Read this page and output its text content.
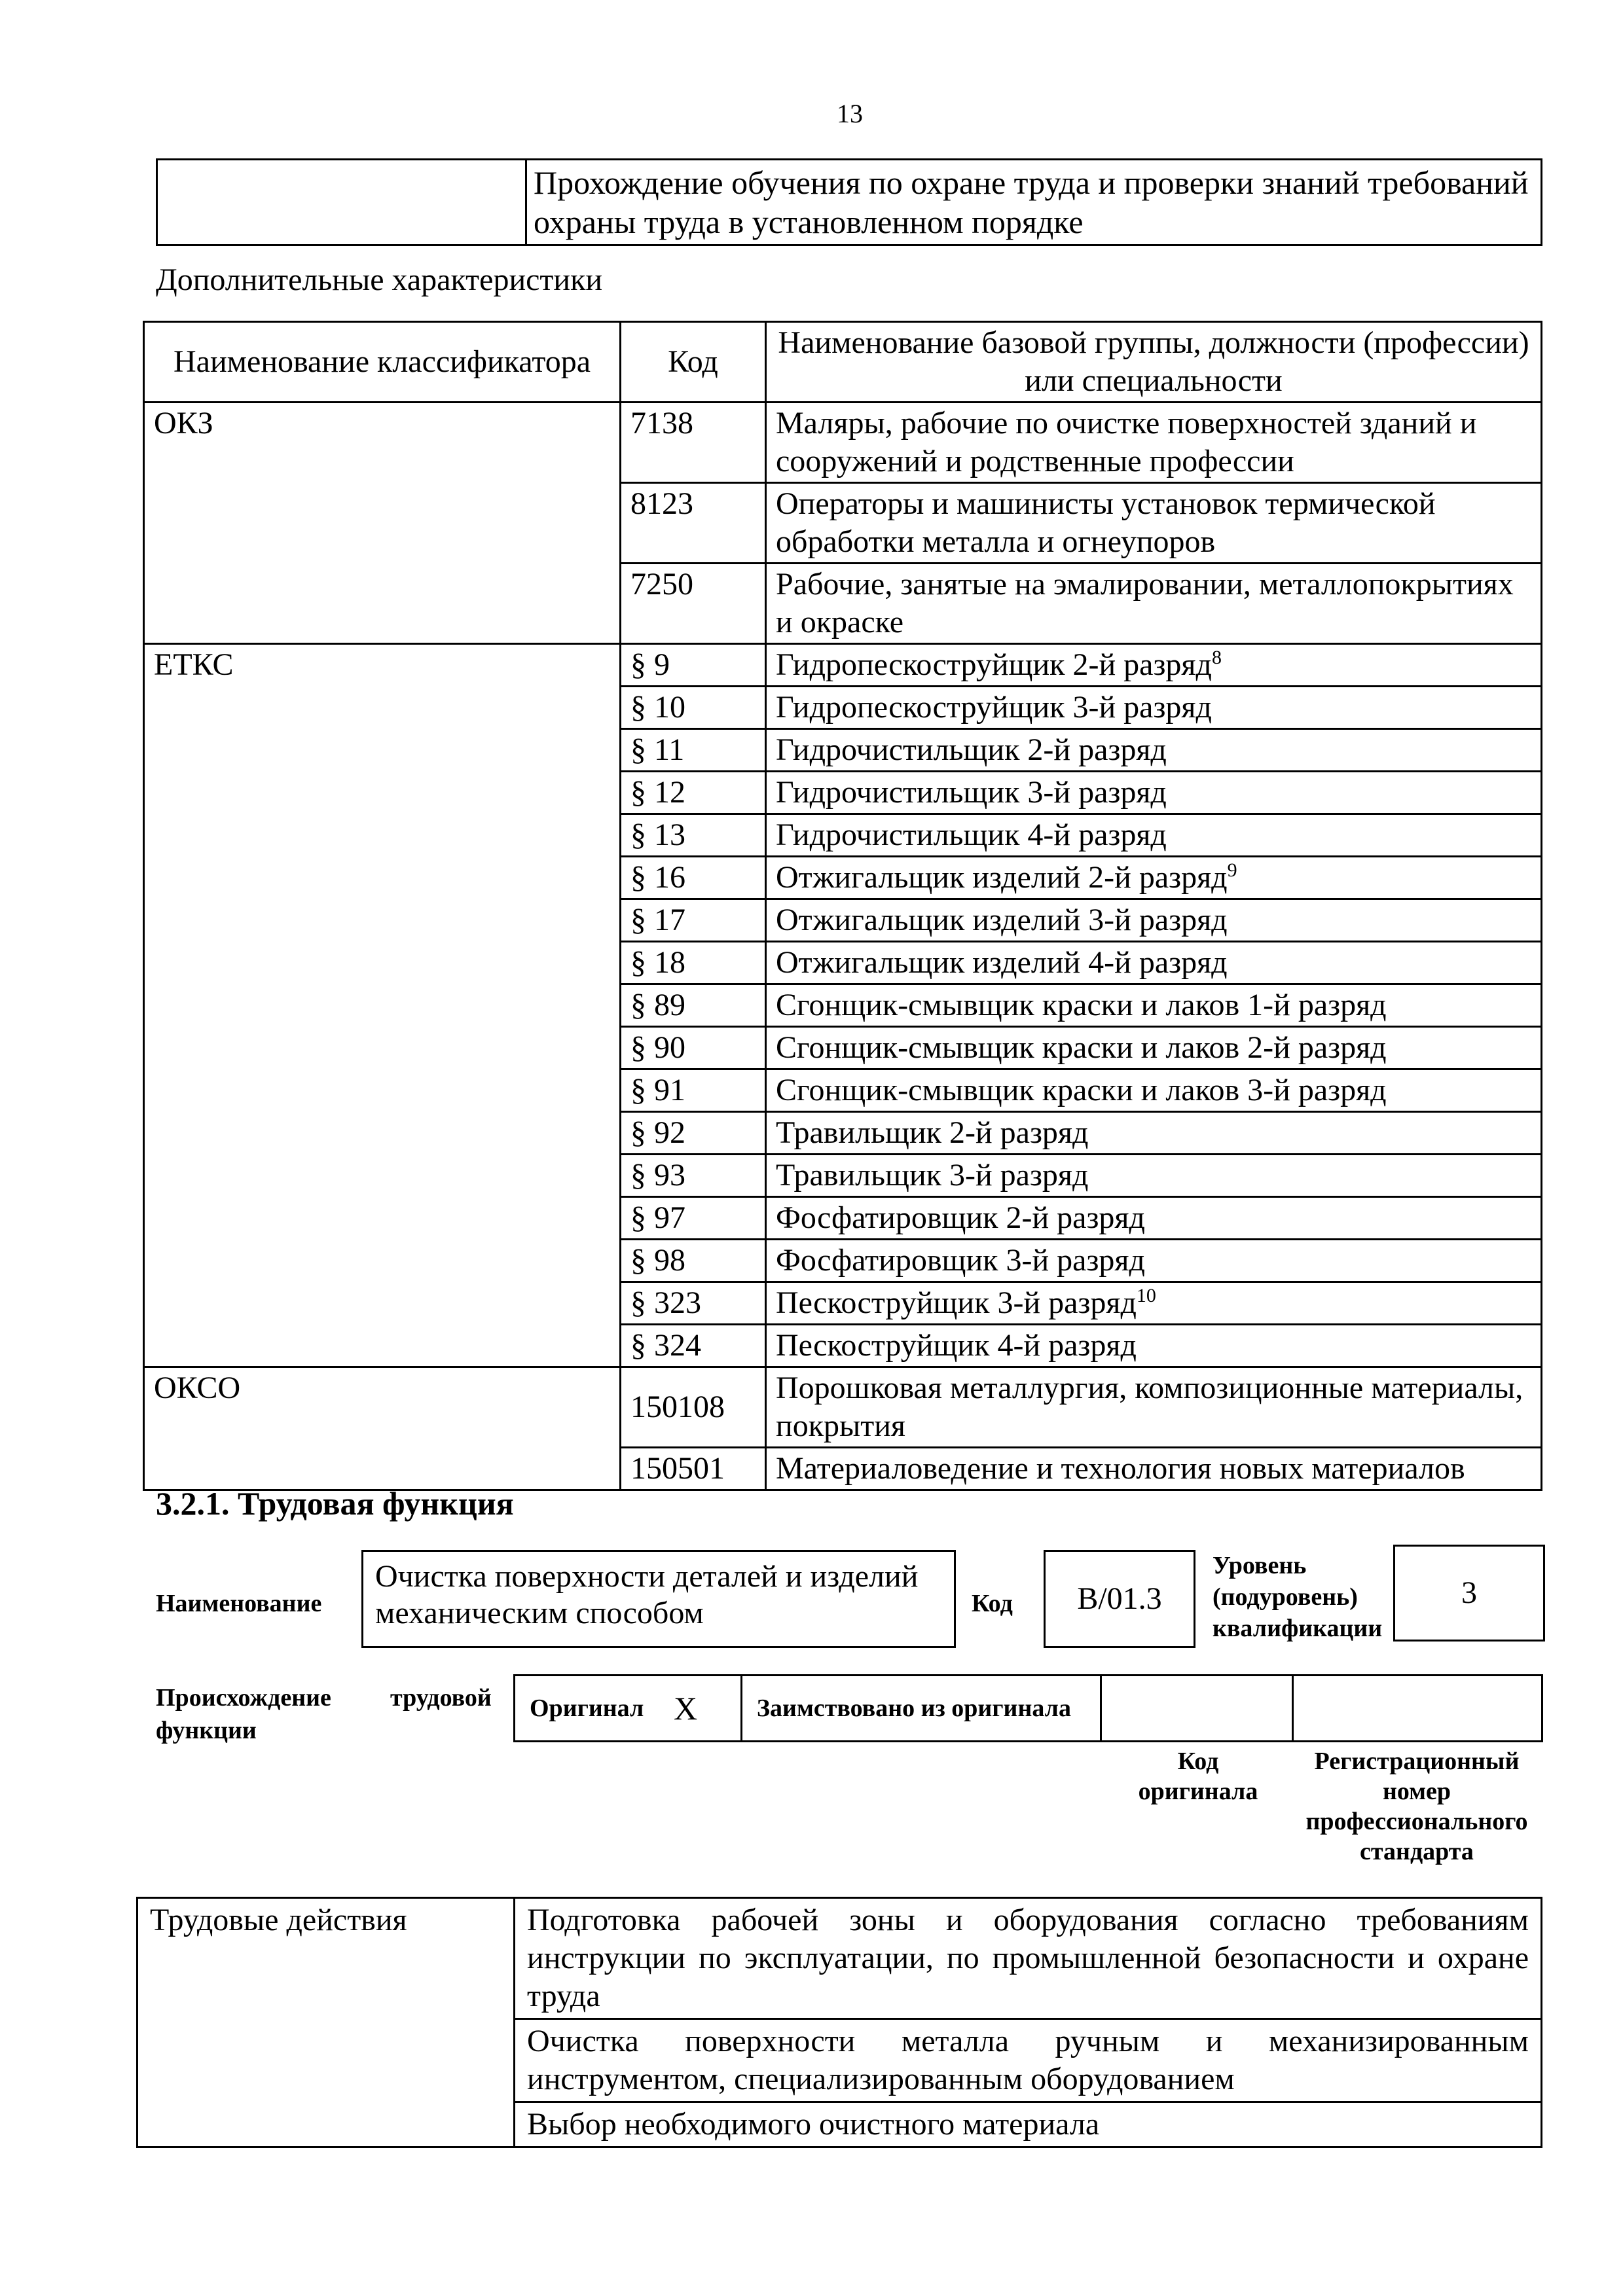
13
	Прохождение обучения по охране труда и проверки знаний требований охраны труда в установленном порядке
Дополнительные характеристики
Наименование классификатора	Код	Наименование базовой группы, должности (профессии) или специальности
ОКЗ	7138	Маляры, рабочие по очистке поверхностей зданий и сооружений и родственные профессии
	8123	Операторы и машинисты установок термической обработки металла и огнеупоров
	7250	Рабочие, занятые на эмалировании, металлопокрытиях и окраске
ЕТКС	§ 9	Гидропескоструйщик 2-й разряд$^8$
	§ 10	Гидропескоструйщик 3-й разряд
	§ 11	Гидрочистильщик 2-й разряд
	§ 12	Гидрочистильщик 3-й разряд
	§ 13	Гидрочистильщик 4-й разряд
	§ 16	Отжигальщик изделий 2-й разряд$^9$
	§ 17	Отжигальщик изделий 3-й разряд
	§ 18	Отжигальщик изделий 4-й разряд
	§ 89	Сгонщик-смывщик краски и лаков 1-й разряд
	§ 90	Сгонщик-смывщик краски и лаков 2-й разряд
	§ 91	Сгонщик-смывщик краски и лаков 3-й разряд
	§ 92	Травильщик 2-й разряд
	§ 93	Травильщик 3-й разряд
	§ 97	Фосфатировщик 2-й разряд
	§ 98	Фосфатировщик 3-й разряд
	§ 323	Пескоструйщик 3-й разряд$^{10}$
	§ 324	Пескоструйщик 4-й разряд
ОКСО	150108	Порошковая металлургия, композиционные материалы, покрытия
	150501	Материаловедение и технология новых материалов
3.2.1. Трудовая функция
Наименование
Очистка поверхности деталей и изделий механическим способом	Код B/01.3
Уровень (подуровень) квалификации
3
Происхождение трудовой
функции
Оригинал X Заимствовано из оригинала
Код оригинала
Регистрационный номер профессионального стандарта
Трудовые действия	Подготовка рабочей зоны и оборудования согласно требованиям инструкции по эксплуатации, по промышленной безопасности и охране труда
Очистка поверхности металла ручным и механизированным инструментом, специализированным оборудованием
Выбор необходимого очистного материала
